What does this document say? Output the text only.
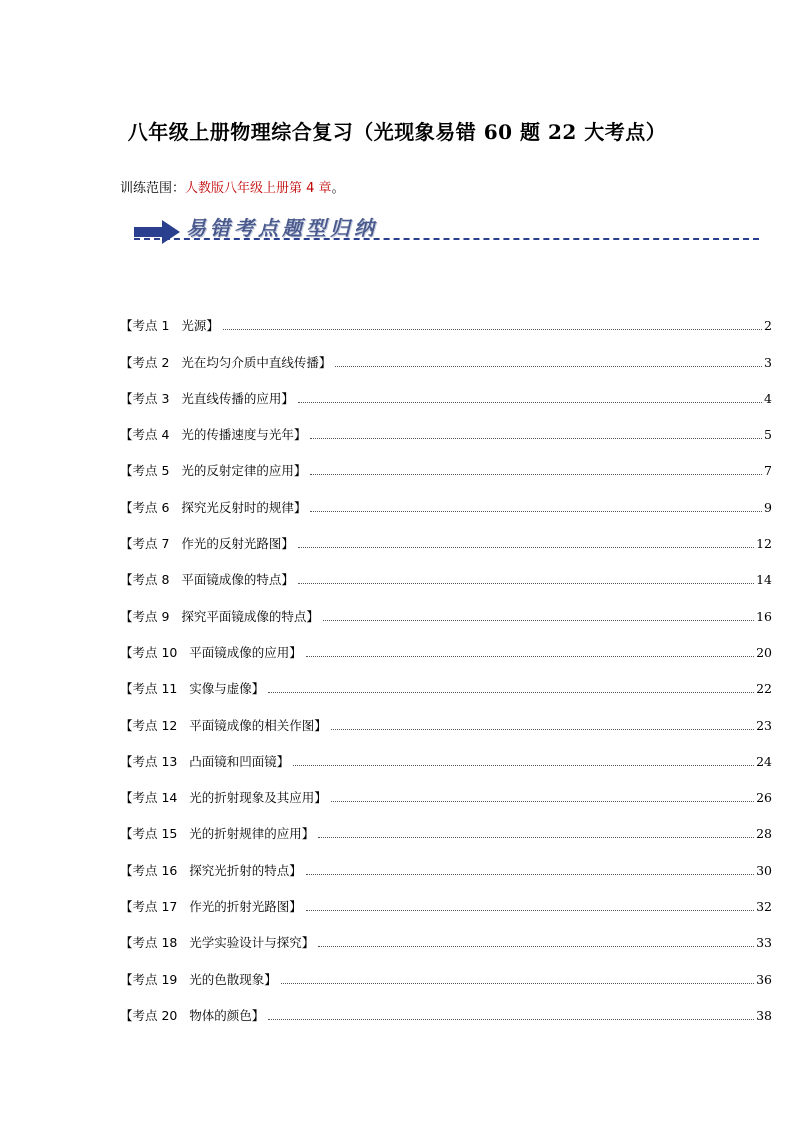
八年级上册物理综合复习（光现象易错 60 题 22 大考点）
训练范围：人教版八年级上册第 4 章。
易错考点题型归纳
【考点 1   光源】	2
【考点 2   光在均匀介质中直线传播】	3
【考点 3   光直线传播的应用】	4
【考点 4   光的传播速度与光年】	5
【考点 5   光的反射定律的应用】	7
【考点 6   探究光反射时的规律】	9
【考点 7   作光的反射光路图】	12
【考点 8   平面镜成像的特点】	14
【考点 9   探究平面镜成像的特点】	16
【考点 10   平面镜成像的应用】	20
【考点 11   实像与虚像】	22
【考点 12   平面镜成像的相关作图】	23
【考点 13   凸面镜和凹面镜】	24
【考点 14   光的折射现象及其应用】	26
【考点 15   光的折射规律的应用】	28
【考点 16   探究光折射的特点】	30
【考点 17   作光的折射光路图】	32
【考点 18   光学实验设计与探究】	33
【考点 19   光的色散现象】	36
【考点 20   物体的颜色】	38
